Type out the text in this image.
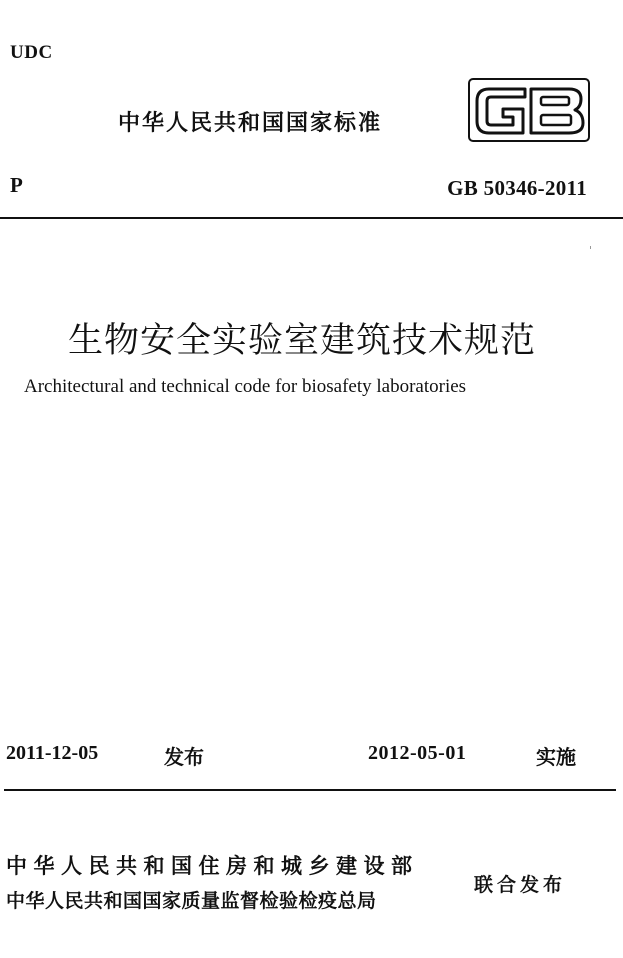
UDC
中华人民共和国国家标准
P	GB 50346-2011
生物安全实验室建筑技术规范
Architectural and technical code for biosafety laboratories
2011-12-05	发布	2012-05-01	实施
中华人民共和国住房和城乡建设部
中华人民共和国国家质量监督检验检疫总局
联合发布
